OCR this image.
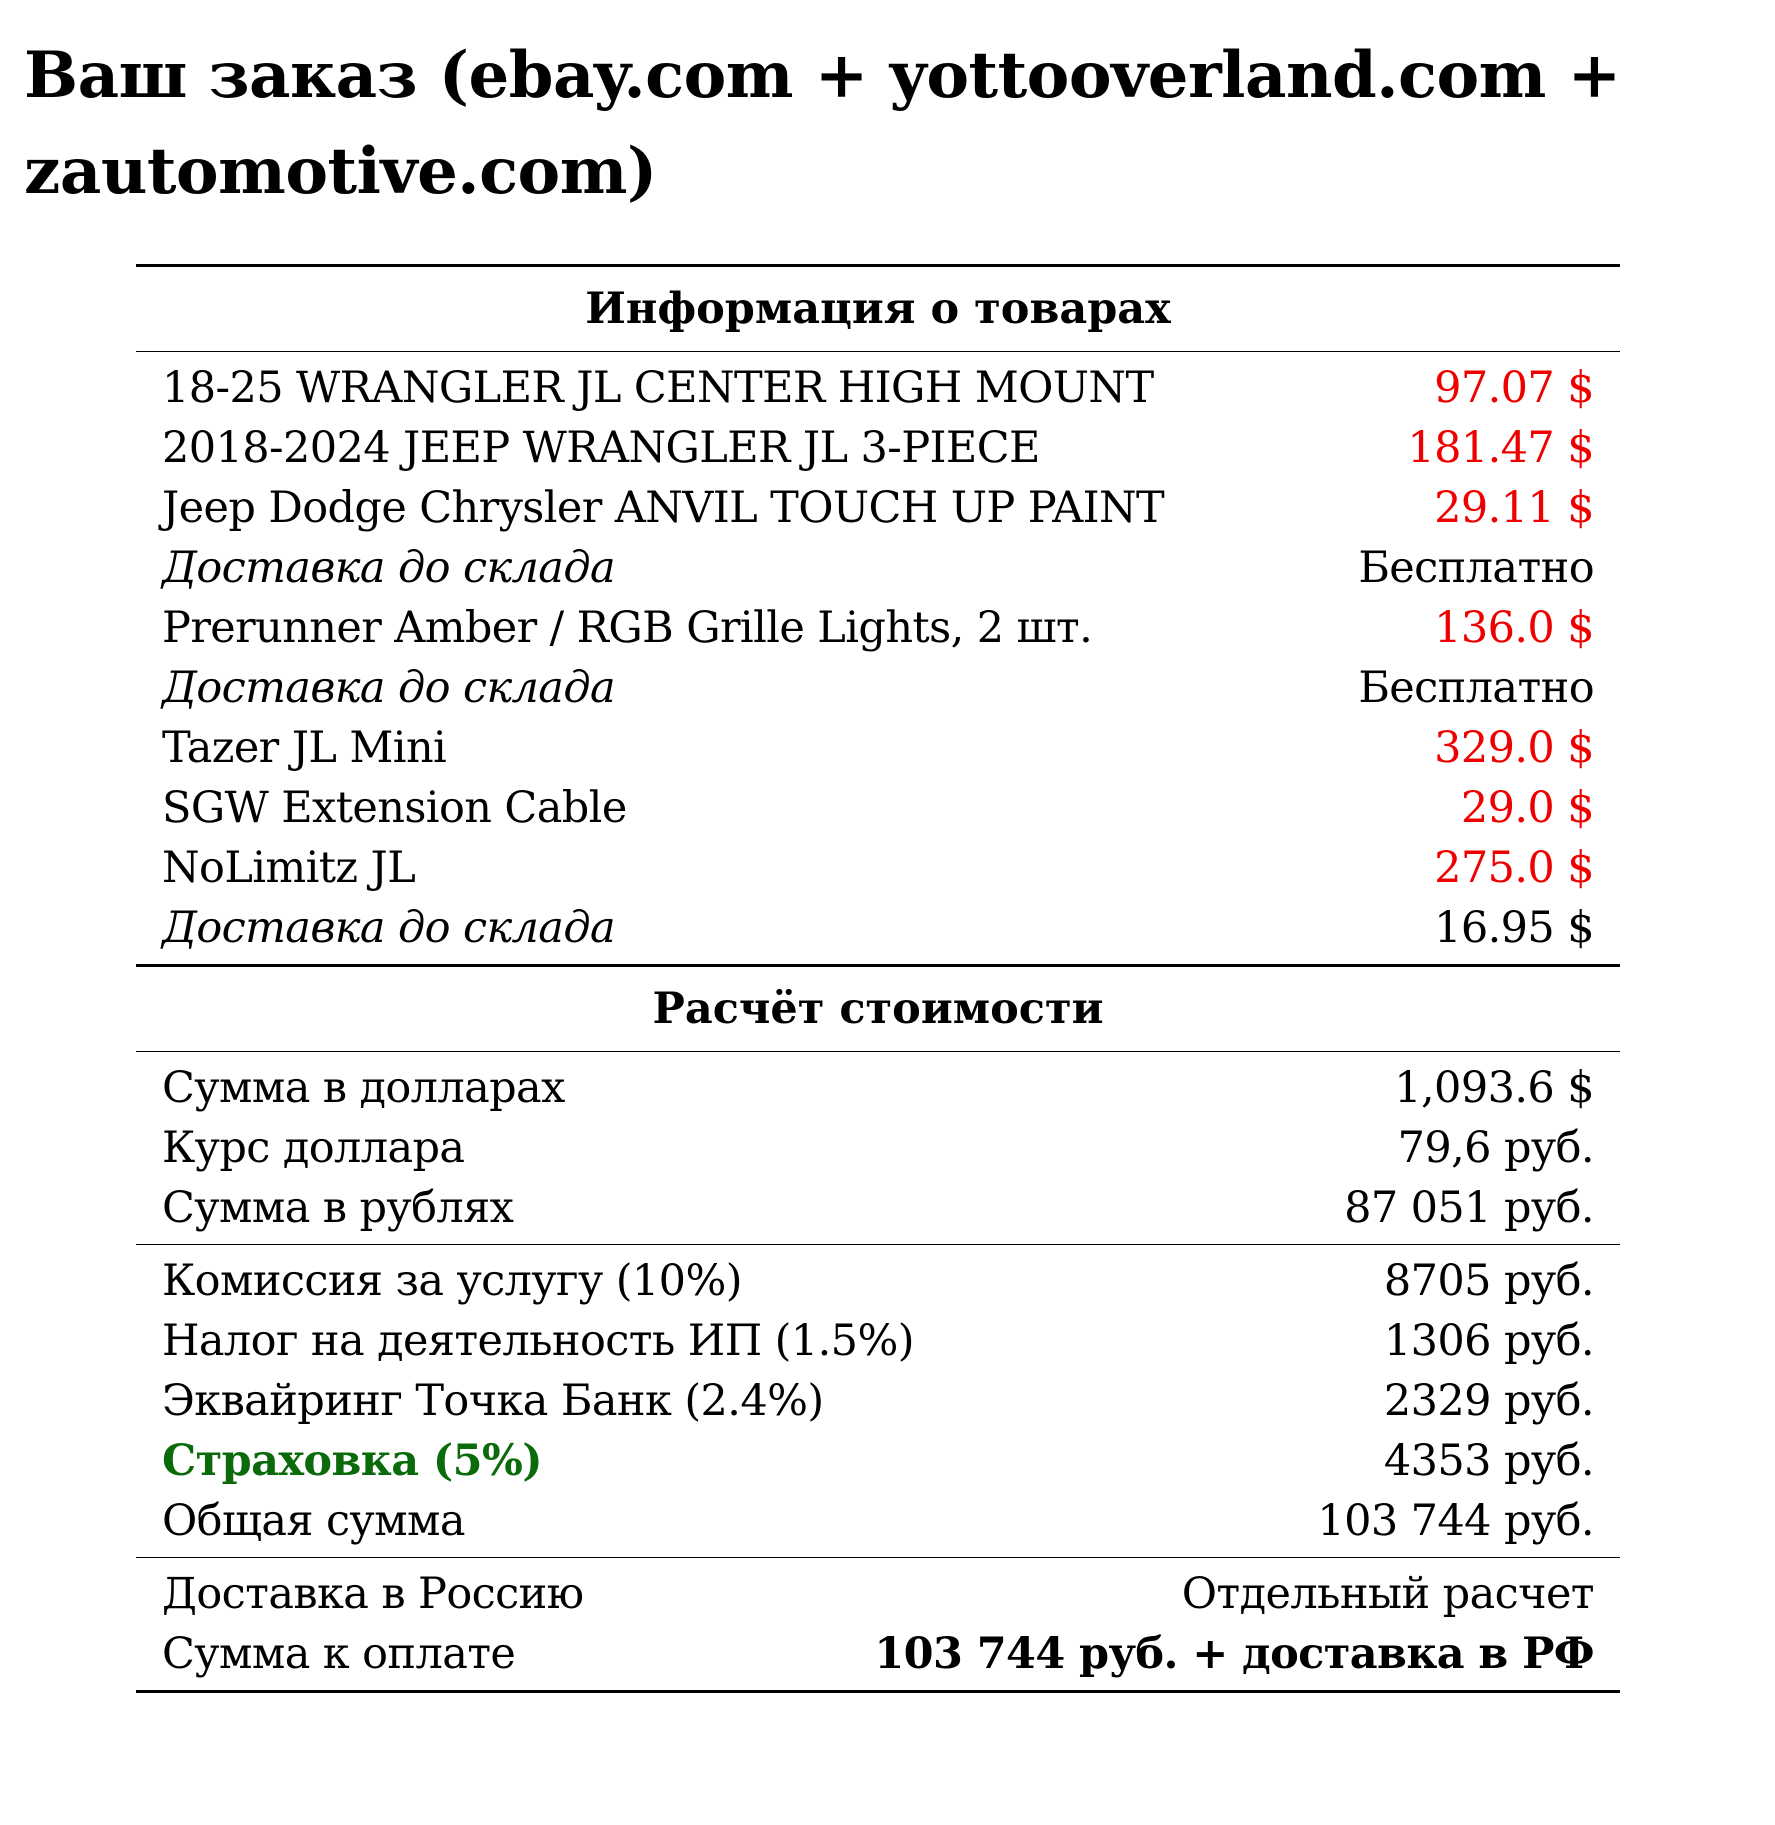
Ваш заказ (ebay.com + yottooverland.com + zautomotive.com)
Информация о товарах
18-25 WRANGLER JL CENTER HIGH MOUNT	97.07 $
2018-2024 JEEP WRANGLER JL 3-PIECE	181.47 $
Jeep Dodge Chrysler ANVIL TOUCH UP PAINT	29.11 $
Доставка до склада	Бесплатно
Prerunner Amber / RGB Grille Lights, 2 шт.	136.0 $
Доставка до склада	Бесплатно
Tazer JL Mini	329.0 $
SGW Extension Cable	29.0 $
NoLimitz JL	275.0 $
Доставка до склада	16.95 $
Расчёт стоимости
Сумма в долларах	1,093.6 $
Курс доллара	79,6 руб.
Сумма в рублях	87 051 руб.
Комиссия за услугу (10%)	8705 руб.
Налог на деятельность ИП (1.5%)	1306 руб.
Эквайринг Точка Банк (2.4%)	2329 руб.
Страховка (5%)	4353 руб.
Общая сумма	103 744 руб.
Доставка в Россию	Отдельный расчет
Сумма к оплате	103 744 руб. + доставка в РФ
